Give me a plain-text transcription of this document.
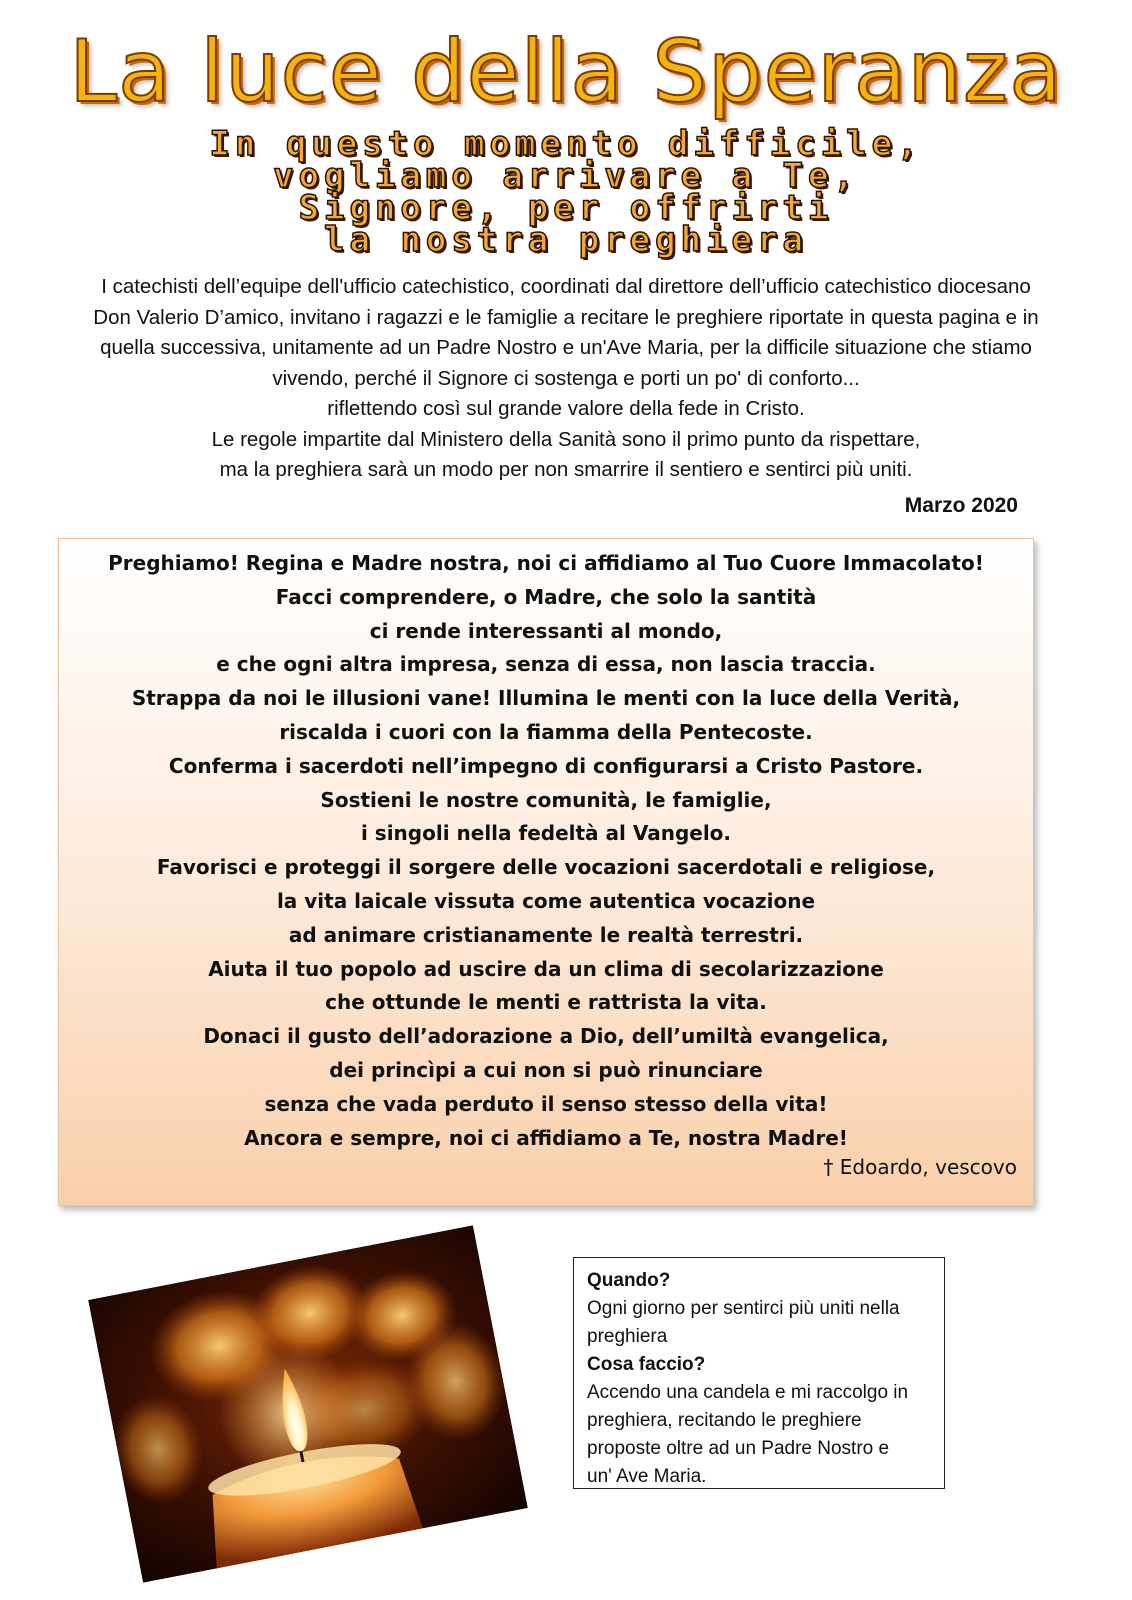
La luce della Speranza
In questo momento difficile,
vogliamo arrivare a Te,
Signore, per offrirti
la nostra preghiera
I catechisti dell’equipe dell'ufficio catechistico, coordinati dal direttore dell’ufficio catechistico diocesano
Don Valerio D’amico, invitano i ragazzi e le famiglie a recitare le preghiere riportate in questa pagina e in
quella successiva, unitamente ad un Padre Nostro e un'Ave Maria, per la difficile situazione che stiamo
vivendo, perché il Signore ci sostenga e porti un po' di conforto...
riflettendo così sul grande valore della fede in Cristo.
Le regole impartite dal Ministero della Sanità sono il primo punto da rispettare,
ma la preghiera sarà un modo per non smarrire il sentiero e sentirci più uniti.
Marzo 2020
Preghiamo! Regina e Madre nostra, noi ci affidiamo al Tuo Cuore Immacolato!
Facci comprendere, o Madre, che solo la santità
ci rende interessanti al mondo,
e che ogni altra impresa, senza di essa, non lascia traccia.
Strappa da noi le illusioni vane! Illumina le menti con la luce della Verità,
riscalda i cuori con la fiamma della Pentecoste.
Conferma i sacerdoti nell’impegno di configurarsi a Cristo Pastore.
Sostieni le nostre comunità, le famiglie,
i singoli nella fedeltà al Vangelo.
Favorisci e proteggi il sorgere delle vocazioni sacerdotali e religiose,
la vita laicale vissuta come autentica vocazione
ad animare cristianamente le realtà terrestri.
Aiuta il tuo popolo ad uscire da un clima di secolarizzazione
che ottunde le menti e rattrista la vita.
Donaci il gusto dell’adorazione a Dio, dell’umiltà evangelica,
dei princìpi a cui non si può rinunciare
senza che vada perduto il senso stesso della vita!
Ancora e sempre, noi ci affidiamo a Te, nostra Madre!
† Edoardo, vescovo
Quando?
Ogni giorno per sentirci più uniti nella
preghiera
Cosa faccio?
Accendo una candela e mi raccolgo in
preghiera, recitando le preghiere
proposte oltre ad un Padre Nostro e
un' Ave Maria.
